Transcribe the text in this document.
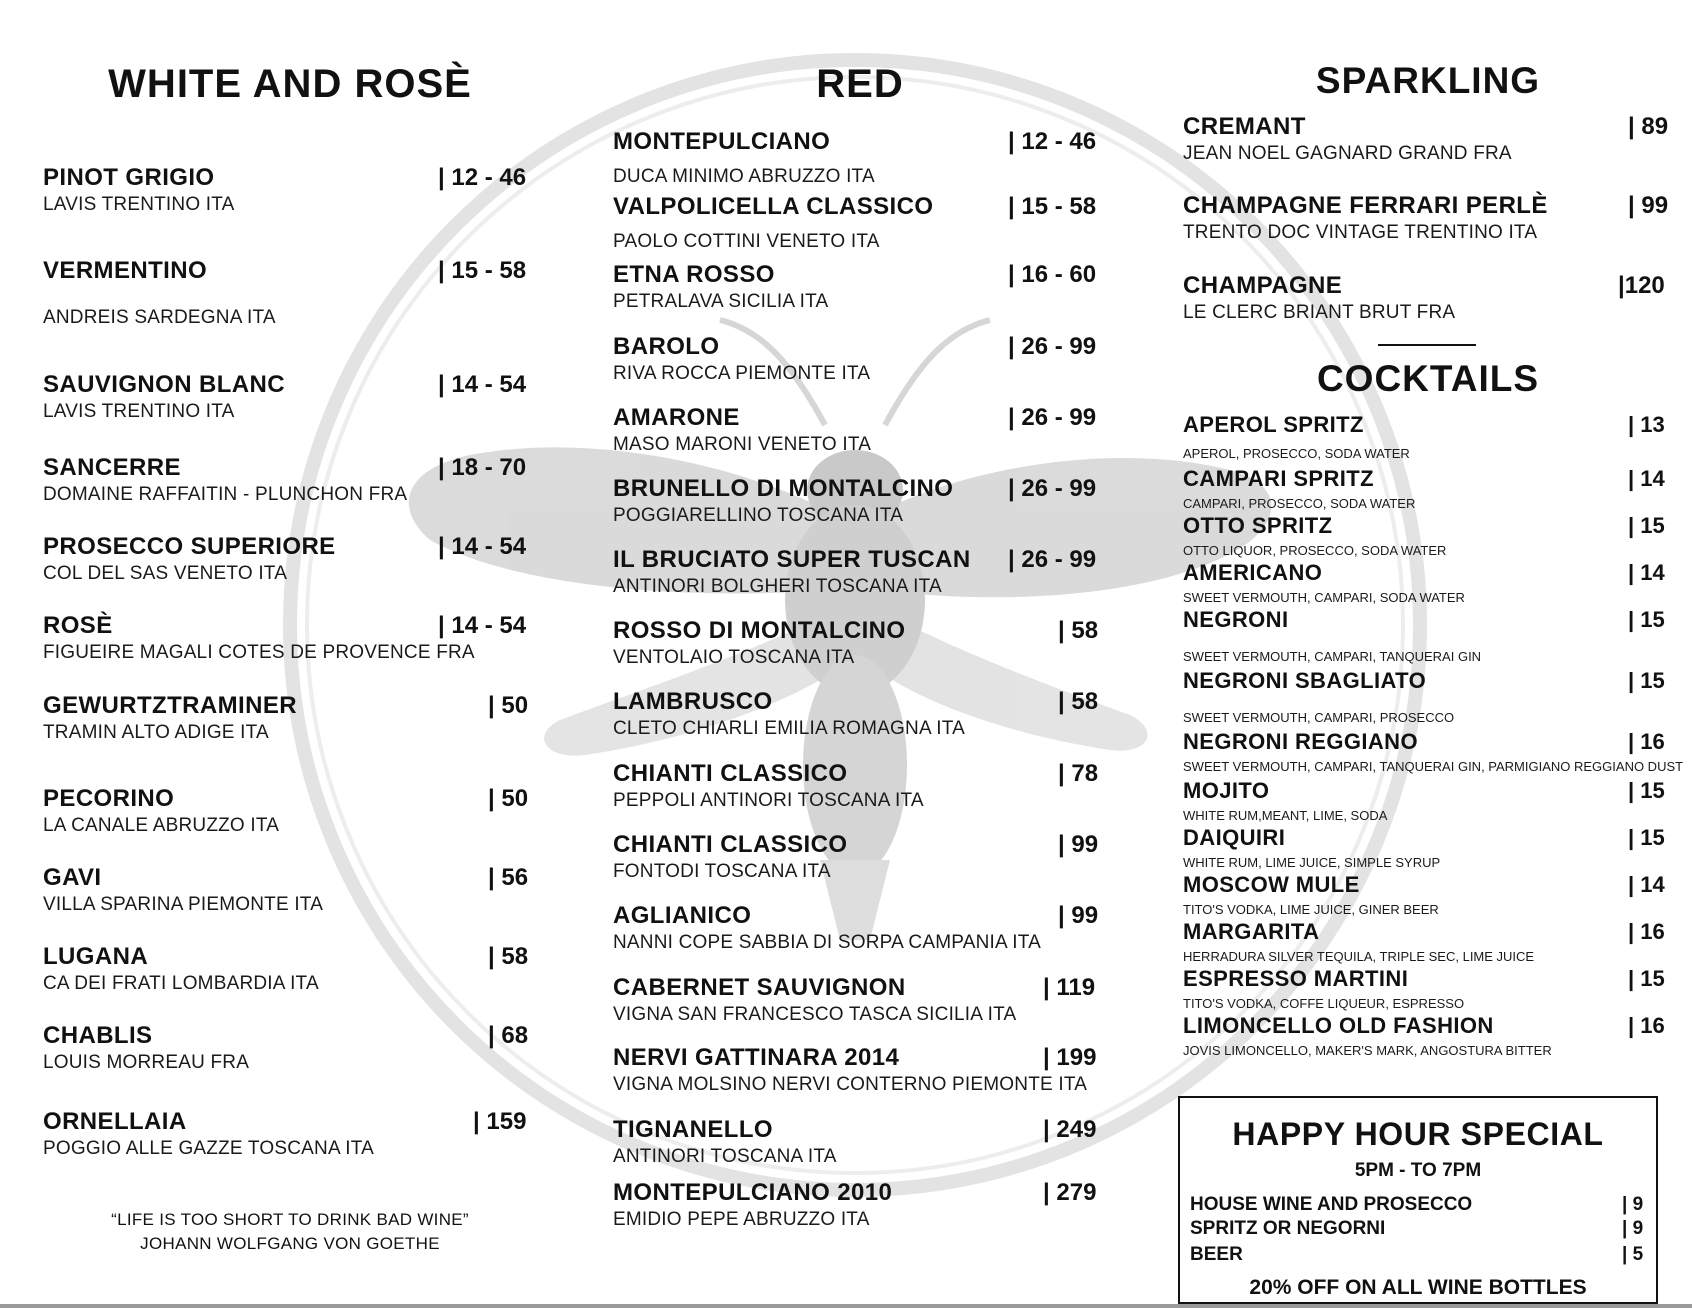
WHITE AND ROSÈ
PINOT GRIGIO	| 12 - 46
LAVIS TRENTINO ITA
VERMENTINO	| 15 - 58
ANDREIS SARDEGNA ITA
SAUVIGNON BLANC	| 14 - 54
LAVIS TRENTINO ITA
SANCERRE	| 18 - 70
DOMAINE RAFFAITIN - PLUNCHON FRA
PROSECCO SUPERIORE	| 14 - 54
COL DEL SAS VENETO ITA
ROSÈ	| 14 - 54
FIGUEIRE MAGALI COTES DE PROVENCE FRA
GEWURTZTRAMINER	| 50
TRAMIN ALTO ADIGE ITA
PECORINO	| 50
LA CANALE ABRUZZO ITA
GAVI	| 56
VILLA SPARINA PIEMONTE ITA
LUGANA	| 58
CA DEI FRATI LOMBARDIA ITA
CHABLIS	| 68
LOUIS MORREAU FRA
ORNELLAIA	| 159
POGGIO ALLE GAZZE TOSCANA ITA
“LIFE IS TOO SHORT TO DRINK BAD WINE”
JOHANN WOLFGANG VON GOETHE
RED
MONTEPULCIANO	| 12 - 46
DUCA MINIMO ABRUZZO ITA
VALPOLICELLA CLASSICO	| 15 - 58
PAOLO COTTINI VENETO ITA
ETNA ROSSO	| 16 - 60
PETRALAVA SICILIA ITA
BAROLO	| 26 - 99
RIVA ROCCA PIEMONTE ITA
AMARONE	| 26 - 99
MASO MARONI VENETO ITA
BRUNELLO DI MONTALCINO | 26 - 99
POGGIARELLINO TOSCANA ITA
IL BRUCIATO SUPER TUSCAN | 26 - 99
ANTINORI BOLGHERI TOSCANA ITA
ROSSO DI MONTALCINO	| 58
VENTOLAIO TOSCANA ITA
LAMBRUSCO	| 58
CLETO CHIARLI EMILIA ROMAGNA ITA
CHIANTI CLASSICO	| 78
PEPPOLI ANTINORI TOSCANA ITA
CHIANTI CLASSICO	| 99
FONTODI TOSCANA ITA
AGLIANICO	| 99
NANNI COPE SABBIA DI SORPA CAMPANIA ITA
CABERNET SAUVIGNON	| 119
VIGNA SAN FRANCESCO TASCA SICILIA ITA
NERVI GATTINARA 2014	| 199
VIGNA MOLSINO NERVI CONTERNO PIEMONTE ITA
TIGNANELLO	| 249
ANTINORI TOSCANA ITA
MONTEPULCIANO 2010	| 279
EMIDIO PEPE ABRUZZO ITA
SPARKLING
CREMANT	| 89
JEAN NOEL GAGNARD GRAND FRA
CHAMPAGNE FERRARI PERLÈ	| 99
TRENTO DOC VINTAGE TRENTINO ITA
CHAMPAGNE	|120
LE CLERC BRIANT BRUT FRA
COCKTAILS
APEROL SPRITZ	| 13
APEROL, PROSECCO, SODA WATER
CAMPARI SPRITZ	| 14
CAMPARI, PROSECCO, SODA WATER
OTTO SPRITZ	| 15
OTTO LIQUOR, PROSECCO, SODA WATER
AMERICANO	| 14
SWEET VERMOUTH, CAMPARI, SODA WATER
NEGRONI	| 15
SWEET VERMOUTH, CAMPARI, TANQUERAI GIN
NEGRONI SBAGLIATO	| 15
SWEET VERMOUTH, CAMPARI, PROSECCO
NEGRONI REGGIANO	| 16
SWEET VERMOUTH, CAMPARI, TANQUERAI GIN, PARMIGIANO REGGIANO DUST
MOJITO	| 15
WHITE RUM,MEANT, LIME, SODA
DAIQUIRI	| 15
WHITE RUM, LIME JUICE, SIMPLE SYRUP
MOSCOW MULE	| 14
TITO'S VODKA, LIME JUICE, GINER BEER
MARGARITA	| 16
HERRADURA SILVER TEQUILA, TRIPLE SEC, LIME JUICE
ESPRESSO MARTINI	| 15
TITO'S VODKA, COFFE LIQUEUR, ESPRESSO
LIMONCELLO OLD FASHION	| 16
JOVIS LIMONCELLO, MAKER'S MARK, ANGOSTURA BITTER
HAPPY HOUR SPECIAL
5PM - TO 7PM
HOUSE WINE AND PROSECCO	| 9
SPRITZ OR NEGORNI	| 9
BEER	| 5
20% OFF ON ALL WINE BOTTLES
